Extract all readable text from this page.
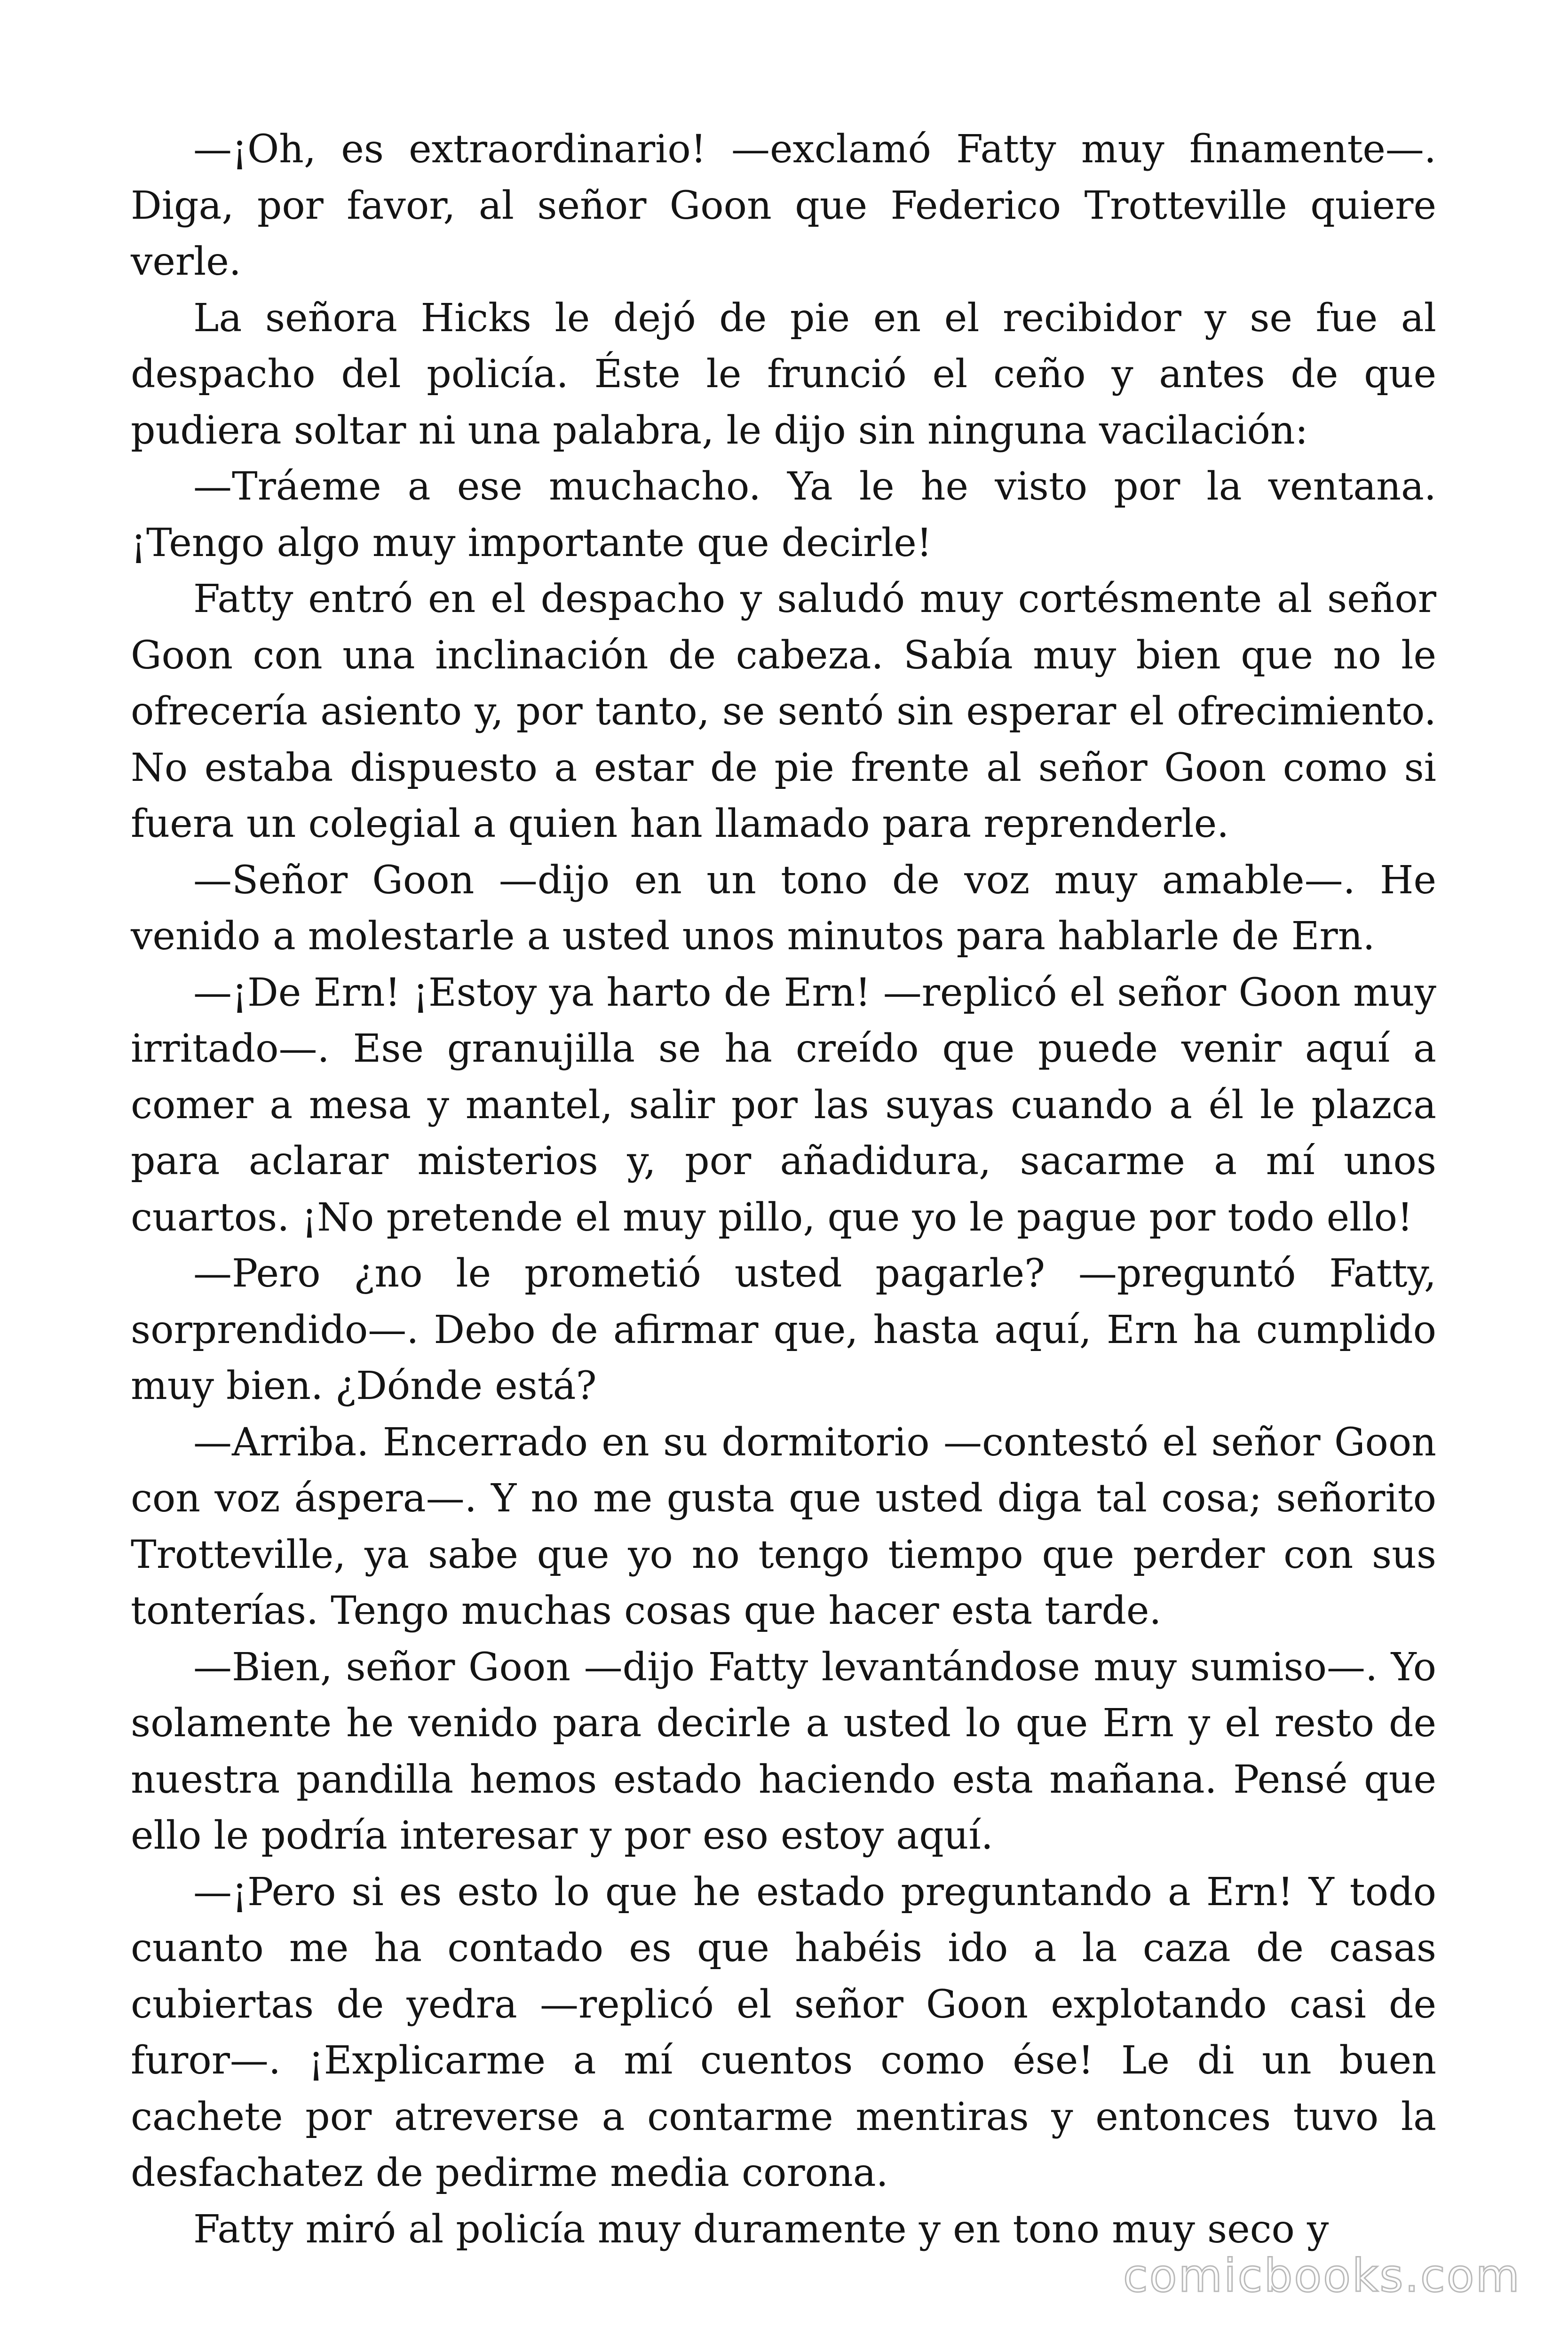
—¡Oh, es extraordinario! —exclamó Fatty muy finamente—. Diga, por favor, al señor Goon que Federico Trotteville quiere verle.

La señora Hicks le dejó de pie en el recibidor y se fue al despacho del policía. Éste le frunció el ceño y antes de que pudiera soltar ni una palabra, le dijo sin ninguna vacilación:

—Tráeme a ese muchacho. Ya le he visto por la ventana. ¡Tengo algo muy importante que decirle!

Fatty entró en el despacho y saludó muy cortésmente al señor Goon con una inclinación de cabeza. Sabía muy bien que no le ofrecería asiento y, por tanto, se sentó sin esperar el ofrecimiento. No estaba dispuesto a estar de pie frente al señor Goon como si fuera un colegial a quien han llamado para reprenderle.

—Señor Goon —dijo en un tono de voz muy amable—. He venido a molestarle a usted unos minutos para hablarle de Ern.

—¡De Ern! ¡Estoy ya harto de Ern! —replicó el señor Goon muy irritado—. Ese granujilla se ha creído que puede venir aquí a comer a mesa y mantel, salir por las suyas cuando a él le plazca para aclarar misterios y, por añadidura, sacarme a mí unos cuartos. ¡No pretende el muy pillo, que yo le pague por todo ello!

—Pero ¿no le prometió usted pagarle? —preguntó Fatty, sorprendido—. Debo de afirmar que, hasta aquí, Ern ha cumplido muy bien. ¿Dónde está?

—Arriba. Encerrado en su dormitorio —contestó el señor Goon con voz áspera—. Y no me gusta que usted diga tal cosa; señorito Trotteville, ya sabe que yo no tengo tiempo que perder con sus tonterías. Tengo muchas cosas que hacer esta tarde.

—Bien, señor Goon —dijo Fatty levantándose muy sumiso—. Yo solamente he venido para decirle a usted lo que Ern y el resto de nuestra pandilla hemos estado haciendo esta mañana. Pensé que ello le podría interesar y por eso estoy aquí.

—¡Pero si es esto lo que he estado preguntando a Ern! Y todo cuanto me ha contado es que habéis ido a la caza de casas cubiertas de yedra —replicó el señor Goon explotando casi de furor—. ¡Explicarme a mí cuentos como ése! Le di un buen cachete por atreverse a contarme mentiras y entonces tuvo la desfachatez de pedirme media corona.

Fatty miró al policía muy duramente y en tono muy seco y

comicbooks.com
